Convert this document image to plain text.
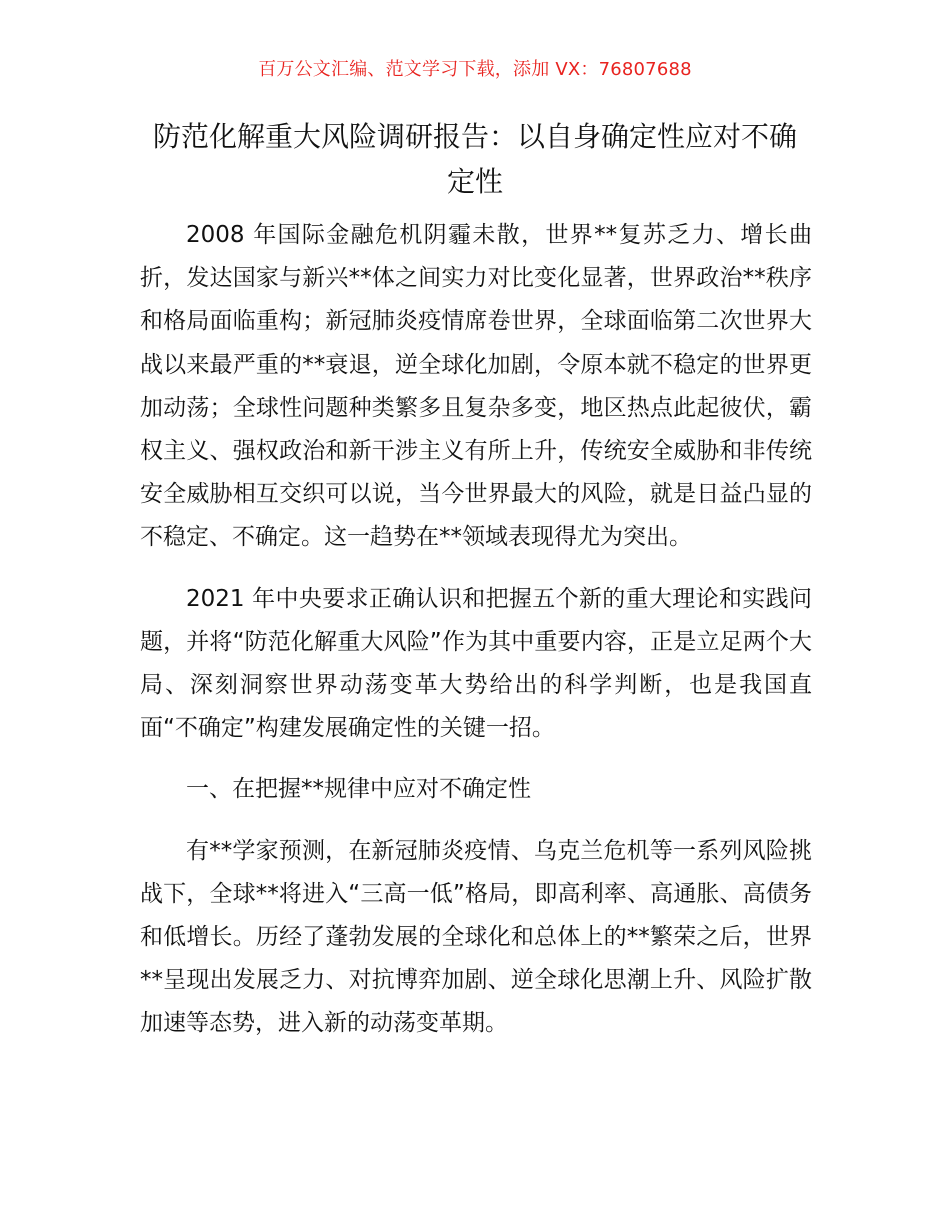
百万公文汇编、范文学习下载，添加 VX：76807688
防范化解重大风险调研报告：以自身确定性应对不确定性

2008 年国际金融危机阴霾未散，世界**复苏乏力、增长曲折，发达国家与新兴**体之间实力对比变化显著，世界政治**秩序和格局面临重构；新冠肺炎疫情席卷世界，全球面临第二次世界大战以来最严重的**衰退，逆全球化加剧，令原本就不稳定的世界更加动荡；全球性问题种类繁多且复杂多变，地区热点此起彼伏，霸权主义、强权政治和新干涉主义有所上升，传统安全威胁和非传统安全威胁相互交织可以说，当今世界最大的风险，就是日益凸显的不稳定、不确定。这一趋势在**领域表现得尤为突出。

2021 年中央要求正确认识和把握五个新的重大理论和实践问题，并将“防范化解重大风险”作为其中重要内容，正是立足两个大局、深刻洞察世界动荡变革大势给出的科学判断，也是我国直面“不确定”构建发展确定性的关键一招。

一、在把握**规律中应对不确定性

有**学家预测，在新冠肺炎疫情、乌克兰危机等一系列风险挑战下，全球**将进入“三高一低”格局，即高利率、高通胀、高债务和低增长。历经了蓬勃发展的全球化和总体上的**繁荣之后，世界**呈现出发展乏力、对抗博弈加剧、逆全球化思潮上升、风险扩散加速等态势，进入新的动荡变革期。
